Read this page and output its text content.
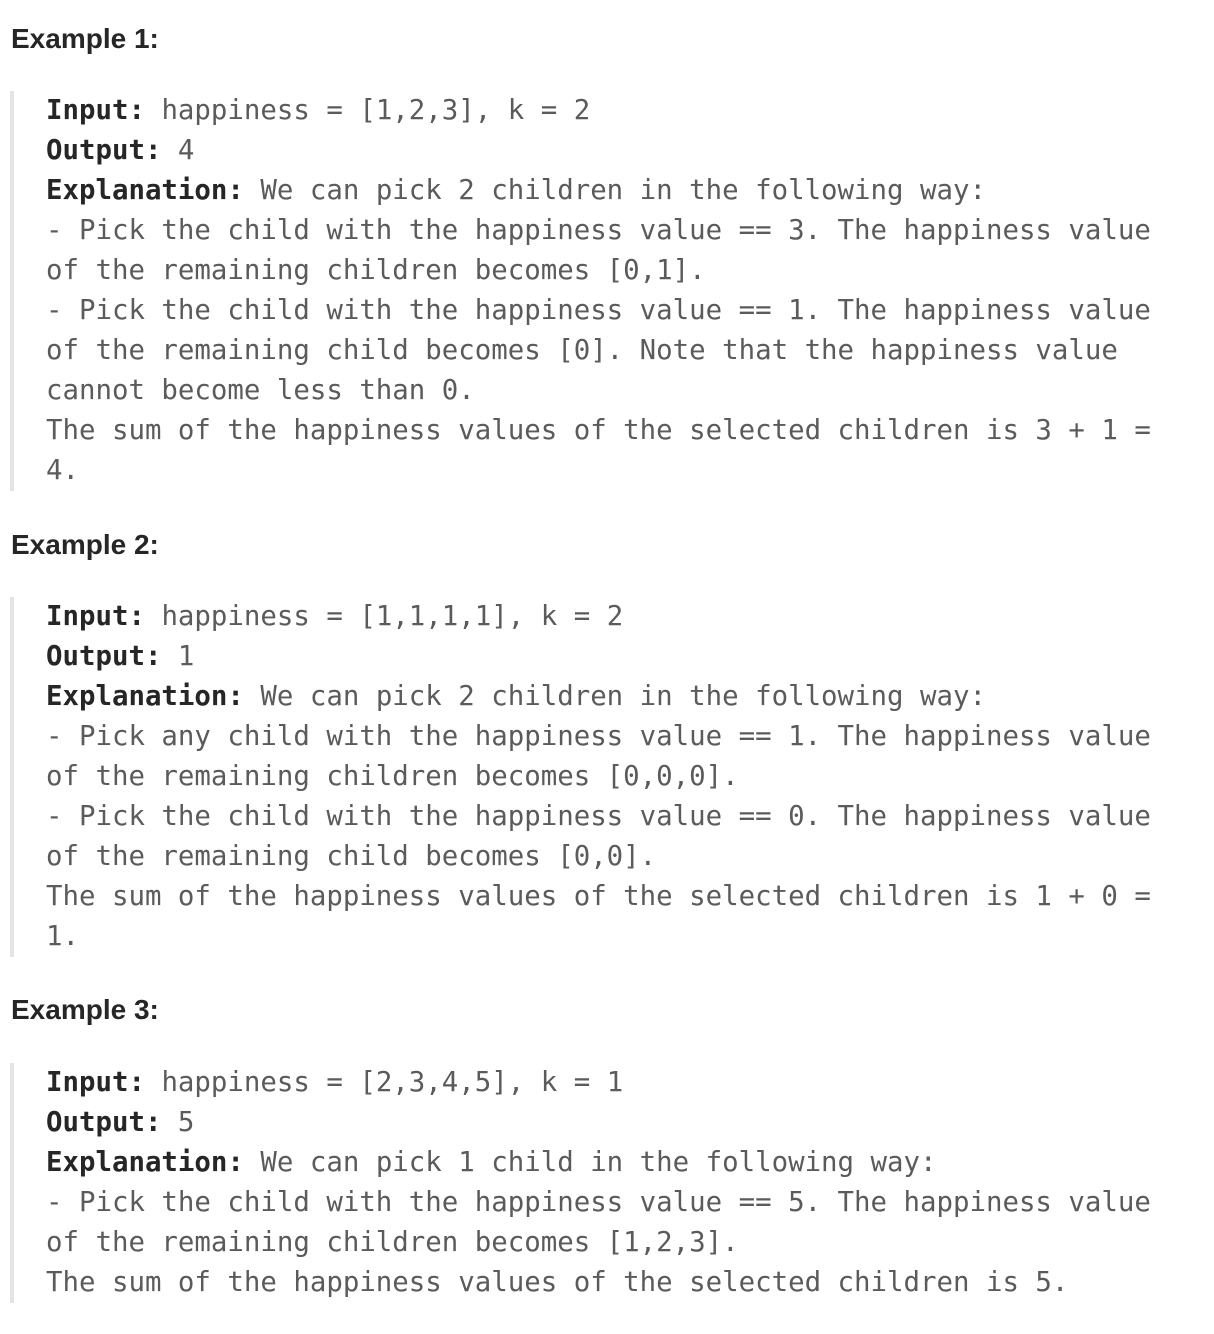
Example 1:
Input: happiness = [1,2,3], k = 2
Output: 4
Explanation: We can pick 2 children in the following way:
- Pick the child with the happiness value == 3. The happiness value
of the remaining children becomes [0,1].
- Pick the child with the happiness value == 1. The happiness value
of the remaining child becomes [0]. Note that the happiness value
cannot become less than 0.
The sum of the happiness values of the selected children is 3 + 1 =
4.
Example 2:
Input: happiness = [1,1,1,1], k = 2
Output: 1
Explanation: We can pick 2 children in the following way:
- Pick any child with the happiness value == 1. The happiness value
of the remaining children becomes [0,0,0].
- Pick the child with the happiness value == 0. The happiness value
of the remaining child becomes [0,0].
The sum of the happiness values of the selected children is 1 + 0 =
1.
Example 3:
Input: happiness = [2,3,4,5], k = 1
Output: 5
Explanation: We can pick 1 child in the following way:
- Pick the child with the happiness value == 5. The happiness value
of the remaining children becomes [1,2,3].
The sum of the happiness values of the selected children is 5.
